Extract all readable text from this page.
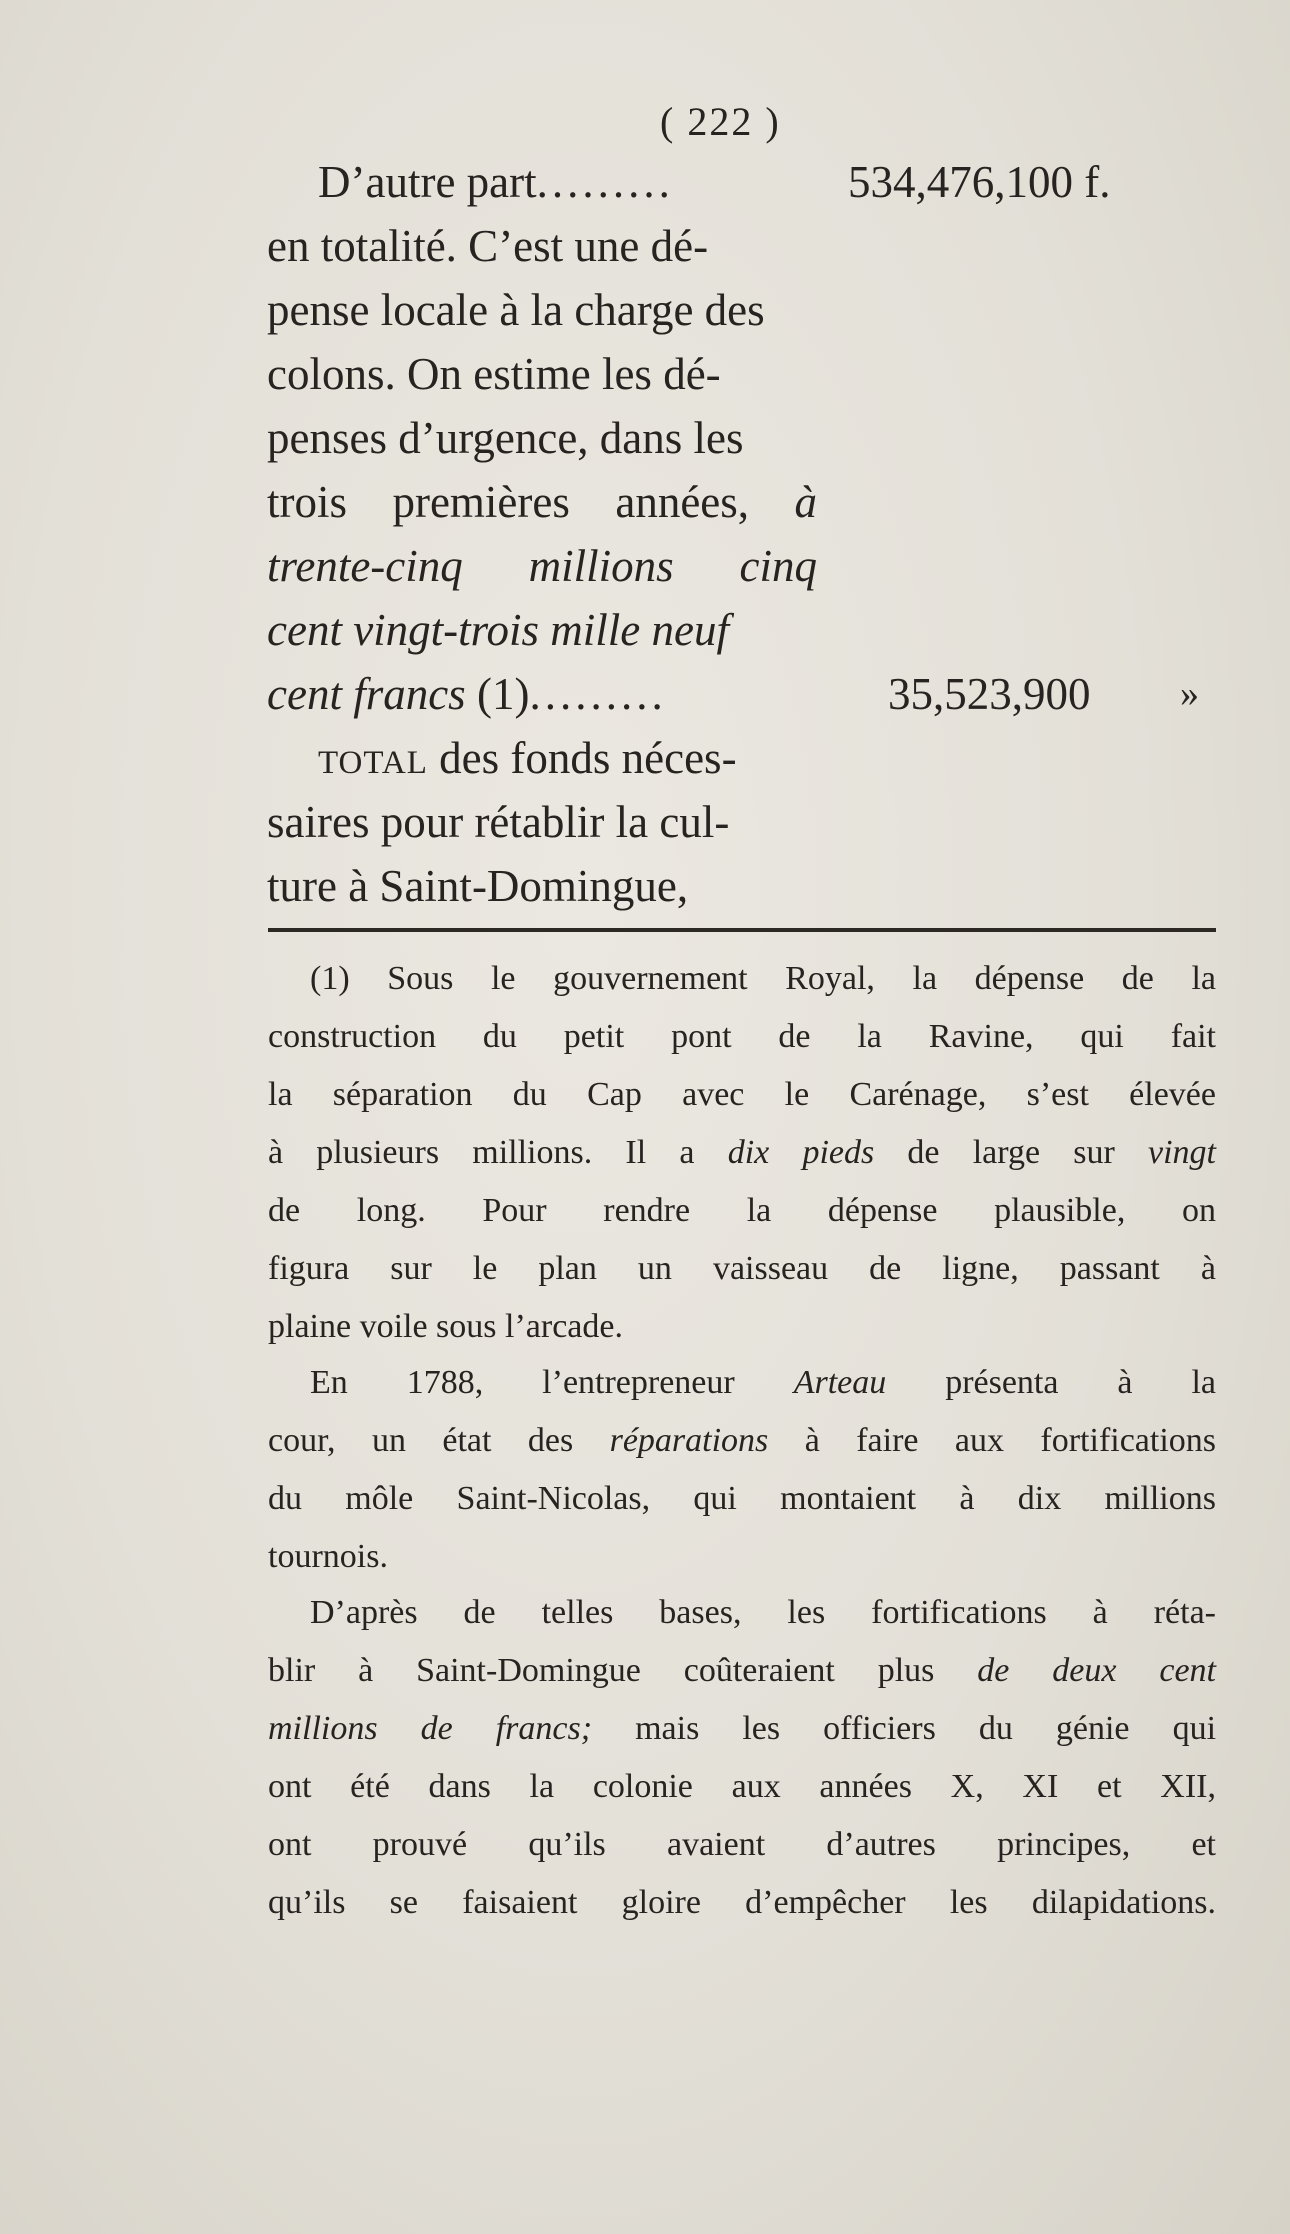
( 222 )
D’autre part.........	534,476,100 f.
en totalité. C’est une dé-
pense locale à la charge des
colons. On estime les dé-
penses d’urgence, dans les
trois premières années, à
trente-cinq millions cinq
cent vingt-trois mille neuf
cent francs (1).........	35,523,900 »
TOTAL des fonds néces-
saires pour rétablir la cul-
ture à Saint-Domingue,
(1) Sous le gouvernement Royal, la dépense de la
construction du petit pont de la Ravine, qui fait
la séparation du Cap avec le Carénage, s’est élevée
à plusieurs millions. Il a dix pieds de large sur vingt
de long. Pour rendre la dépense plausible, on
figura sur le plan un vaisseau de ligne, passant à
plaine voile sous l’arcade.
En 1788, l’entrepreneur Arteau présenta à la
cour, un état des réparations à faire aux fortifications
du môle Saint-Nicolas, qui montaient à dix millions
tournois.
D’après de telles bases, les fortifications à réta-
blir à Saint-Domingue coûteraient plus de deux cent
millions de francs; mais les officiers du génie qui
ont été dans la colonie aux années X, XI et XII,
ont prouvé qu’ils avaient d’autres principes, et
qu’ils se faisaient gloire d’empêcher les dilapidations.
